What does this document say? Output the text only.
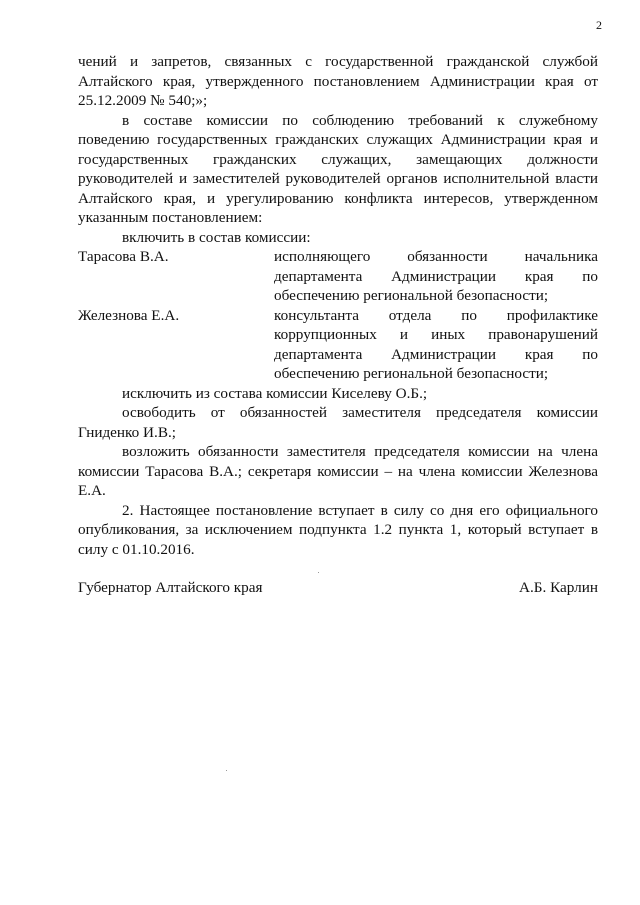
2

чений и запретов, связанных с государственной гражданской службой Алтайского края, утвержденного постановлением Администрации края от 25.12.2009 № 540;»;

в составе комиссии по соблюдению требований к служебному поведению государственных гражданских служащих Администрации края и государственных гражданских служащих, замещающих должности руководителей и заместителей руководителей органов исполнительной власти Алтайского края, и урегулированию конфликта интересов, утвержденном указанным постановлением:

включить в состав комиссии:

Тарасова В.А.	исполняющего обязанности начальника департамента Администрации края по обеспечению региональной безопасности;

Железнова Е.А.	консультанта отдела по профилактике коррупционных и иных правонарушений департамента Администрации края по обеспечению региональной безопасности;

исключить из состава комиссии Киселеву О.Б.;

освободить от обязанностей заместителя председателя комиссии Гниденко И.В.;

возложить обязанности заместителя председателя комиссии на члена комиссии Тарасова В.А.; секретаря комиссии – на члена комиссии Железнова Е.А.

2. Настоящее постановление вступает в силу со дня его официального опубликования, за исключением подпункта 1.2 пункта 1, который вступает в силу с 01.10.2016.

Губернатор Алтайского края	А.Б. Карлин
